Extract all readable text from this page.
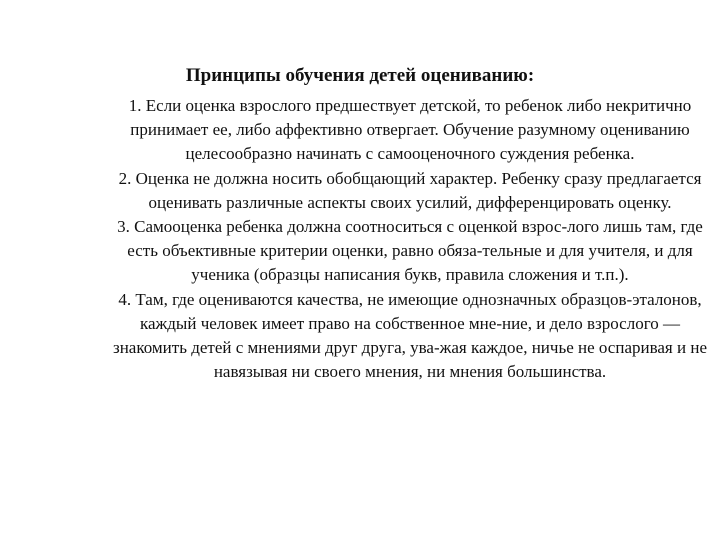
Принципы обучения детей оцениванию:

1. Если оценка взрослого предшествует детской, то ребенок либо некритично принимает ее, либо аффективно отвергает. Обучение разумному оцениванию целесообразно начинать с самооценочного суждения ребенка.

2. Оценка не должна носить обобщающий характер. Ребенку сразу предлагается оценивать различные аспекты своих усилий, дифференцировать оценку.

3. Самооценка ребенка должна соотноситься с оценкой взрос-лого лишь там, где есть объективные критерии оценки, равно обяза-тельные и для учителя, и для ученика (образцы написания букв, правила сложения и т.п.).

4. Там, где оцениваются качества, не имеющие однозначных образцов-эталонов, каждый человек имеет право на собственное мне-ние, и дело взрослого — знакомить детей с мнениями друг друга, ува-жая каждое, ничье не оспаривая и не навязывая ни своего мнения, ни мнения большинства.
